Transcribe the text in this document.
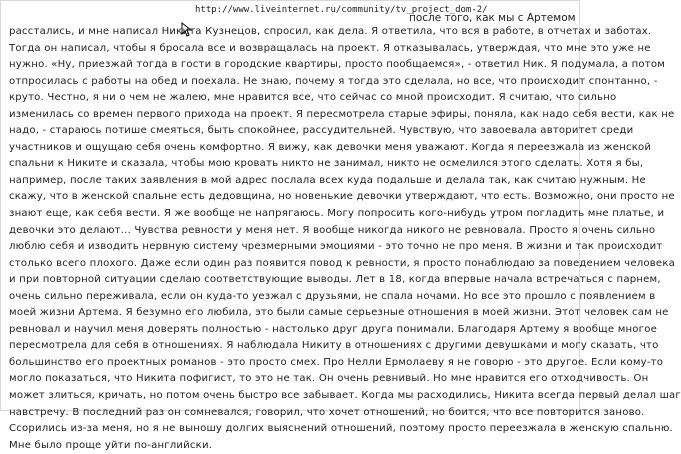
http://www.liveinternet.ru/community/tv_project_dom-2/
после того, как мы с Артемом
расстались, и мне написал Никита Кузнецов, спросил, как дела. Я ответила, что вся в работе, в отчетах и заботах.
Тогда он написал, чтобы я бросала все и возвращалась на проект. Я отказывалась, утверждая, что мне это уже не
нужно. «Ну, приезжай тогда в гости в городские квартиры, просто пообщаемся», - ответил Ник. Я подумала, а потом
отпросилась с работы на обед и поехала. Не знаю, почему я тогда это сделала, но все, что происходит спонтанно, -
круто. Честно, я ни о чем не жалею, мне нравится все, что сейчас со мной происходит. Я считаю, что сильно
изменилась со времен первого прихода на проект. Я пересмотрела старые эфиры, поняла, как надо себя вести, как не
надо, - стараюсь потише смеяться, быть спокойнее, рассудительней. Чувствую, что завоевала авторитет среди
участников и ощущаю себя очень комфортно. Я вижу, как девочки меня уважают. Когда я переезжала из женской
спальни к Никите и сказала, чтобы мою кровать никто не занимал, никто не осмелился этого сделать. Хотя я бы,
например, после таких заявления в мой адрес послала всех куда подальше и делала так, как считаю нужным. Не
скажу, что в женской спальне есть дедовщина, но новенькие девочки утверждают, что есть. Возможно, они просто не
знают еще, как себя вести. Я же вообще не напрягаюсь. Могу попросить кого-нибудь утром погладить мне платье, и
девочки это делают... Чувства ревности у меня нет. Я вообще никогда никого не ревновала. Просто я очень сильно
люблю себя и изводить нервную систему чрезмерными эмоциями - это точно не про меня. В жизни и так происходит
столько всего плохого. Даже если один раз появится повод к ревности, я просто понаблюдаю за поведением человека
и при повторной ситуации сделаю соответствующие выводы. Лет в 18, когда впервые начала встречаться с парнем,
очень сильно переживала, если он куда-то уезжал с друзьями, не спала ночами. Но все это прошло с появлением в
моей жизни Артема. Я безумно его любила, это были самые серьезные отношения в моей жизни. Этот человек сам не
ревновал и научил меня доверять полностью - настолько друг друга понимали. Благодаря Артему я вообще многое
пересмотрела для себя в отношениях. Я наблюдала Никиту в отношениях с другими девушками и могу сказать, что
большинство его проектных романов - это просто смех. Про Нелли Ермолаеву я не говорю - это другое. Если кому-то
могло показаться, что Никита пофигист, то это не так. Он очень ревнивый. Но мне нравится его отходчивость. Он
может злиться, кричать, но потом очень быстро все забывает. Когда мы расходились, Никита всегда первый делал шаг
навстречу. В последний раз он сомневался, говорил, что хочет отношений, но боится, что все повторится заново.
Ссорились из-за меня, но я не выношу долгих выяснений отношений, поэтому просто переезжала в женскую спальню.
Мне было проще уйти по-английски.
